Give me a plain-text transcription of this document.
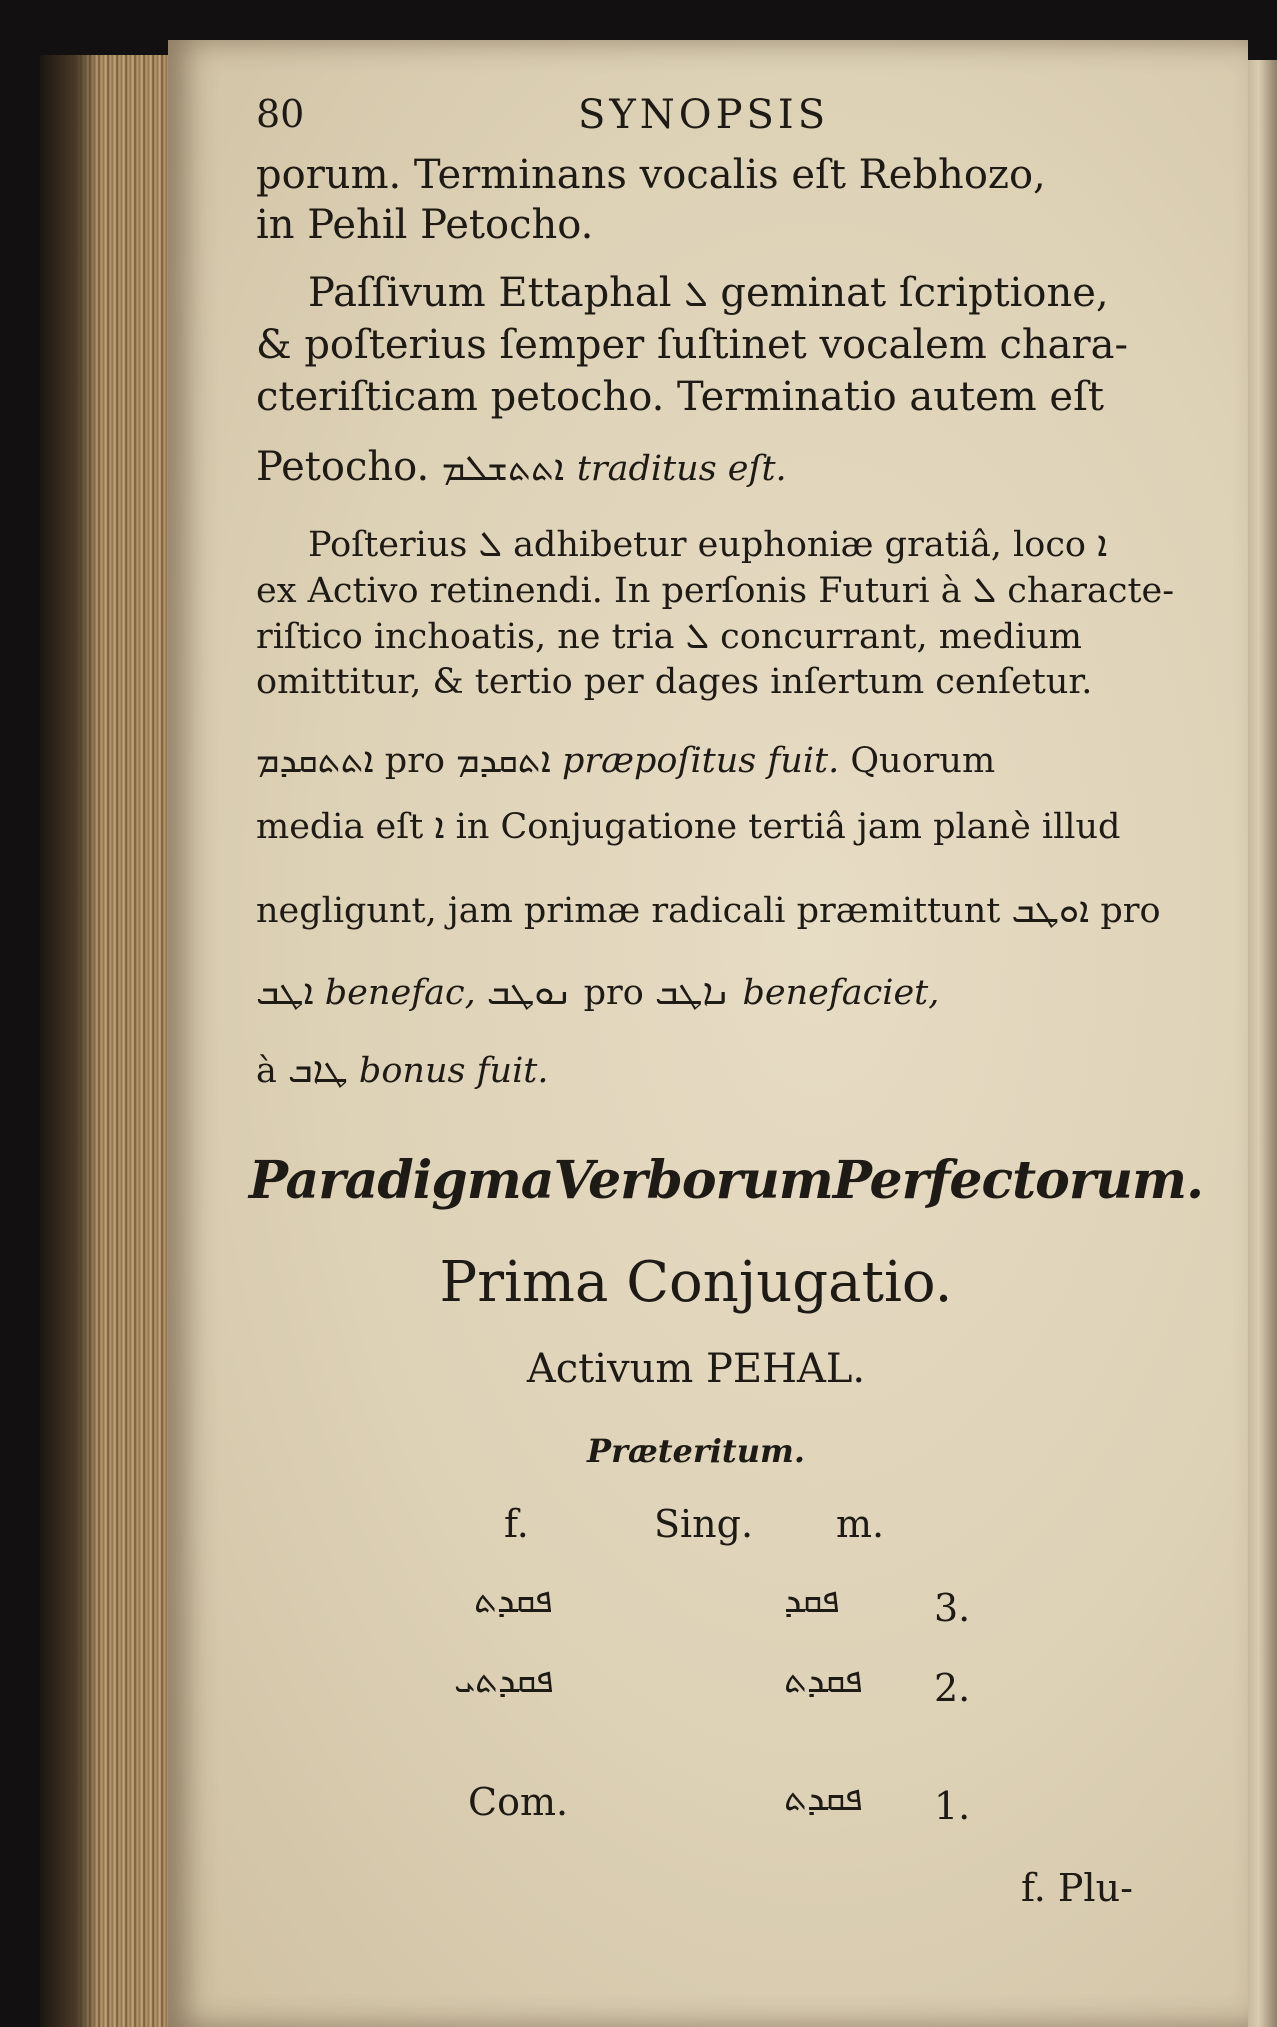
80	SYNOPSIS
porum. Terminans vocalis eſt Rebhozo,
in Pehil Petocho.
Paſſivum Ettaphal ܠ geminat ſcriptione,
& poſterius ſemper ſuſtinet vocalem chara-
cteriſticam petocho. Terminatio autem eſt
Petocho. ܐܬܬܫܠܡ traditus eſt.
Poſterius ܠ adhibetur euphoniæ gratiâ, loco ܐ
ex Activo retinendi. In perſonis Futuri à ܠ characte-
riſtico inchoatis, ne tria ܠ concurrant, medium
omittitur, & tertio per dages inſertum cenſetur.
ܐܬܬܩܕܡ pro ܐܬܩܕܡ præpoſitus fuit. Quorum
media eſt ܐ in Conjugatione tertiâ jam planè illud
negligunt, jam primæ radicali præmittunt ܐܘܛܒ pro
ܐܛܒ benefac, ܢܘܛܒ pro ܢܐܛܒ benefaciet,
à ܛܐܒ bonus fuit.
ParadigmaVerborumPerfectorum.
Prima Conjugatio.
Activum PEHAL.
Præteritum.
f.	Sing. m.
ܦܩܕܬ	ܦܩܕ 3.
ܦܩܕܬܝ	ܦܩܕܬ 2.
Com.	ܦܩܕܬ 1.
f. Plu-
